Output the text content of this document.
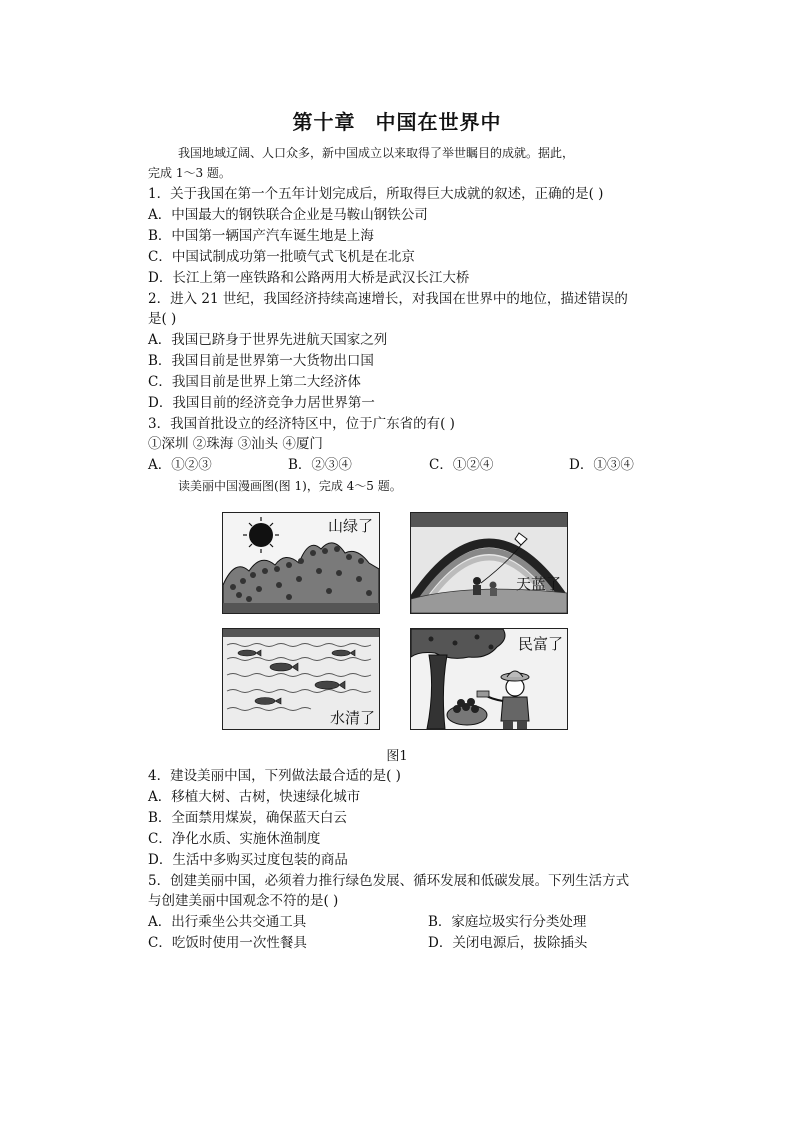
第十章 中国在世界中
我国地域辽阔、人口众多，新中国成立以来取得了举世瞩目的成就。据此，
完成 1～3 题。
1．关于我国在第一个五年计划完成后，所取得巨大成就的叙述，正确的是( )
A．中国最大的钢铁联合企业是马鞍山钢铁公司
B．中国第一辆国产汽车诞生地是上海
C．中国试制成功第一批喷气式飞机是在北京
D．长江上第一座铁路和公路两用大桥是武汉长江大桥
2．进入 21 世纪，我国经济持续高速增长，对我国在世界中的地位，描述错误的
是( )
A．我国已跻身于世界先进航天国家之列
B．我国目前是世界第一大货物出口国
C．我国目前是世界上第二大经济体
D．我国目前的经济竞争力居世界第一
3．我国首批设立的经济特区中，位于广东省的有( )
①深圳 ②珠海 ③汕头 ④厦门
A．①②③	B．②③④	C．①②④	D．①③④
读美丽中国漫画图(图 1)，完成 4～5 题。
山绿了
天蓝了
水清了
民富了
图1
4．建设美丽中国，下列做法最合适的是( )
A．移植大树、古树，快速绿化城市
B．全面禁用煤炭，确保蓝天白云
C．净化水质、实施休渔制度
D．生活中多购买过度包装的商品
5．创建美丽中国，必须着力推行绿色发展、循环发展和低碳发展。下列生活方式
与创建美丽中国观念不符的是( )
A．出行乘坐公共交通工具	B．家庭垃圾实行分类处理
C．吃饭时使用一次性餐具	D．关闭电源后，拔除插头
